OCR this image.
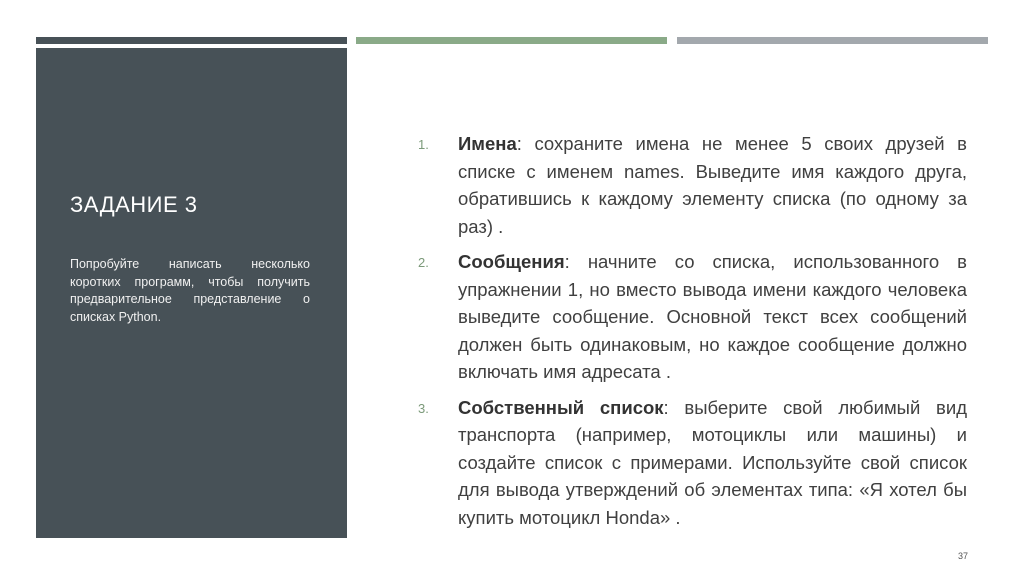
ЗАДАНИЕ 3
Попробуйте написать несколько коротких программ, чтобы получить предварительное представление о списках Python.
1. Имена: сохраните имена не менее 5 своих друзей в списке с именем names. Выведите имя каждого друга, обратившись к каждому элементу списка (по одному за раз) .
2. Сообщения: начните со списка, использованного в упражнении 1, но вместо вывода имени каждого человека выведите сообщение. Основной текст всех сообщений должен быть одинаковым, но каждое сообщение должно включать имя адресата .
3. Собственный список: выберите свой любимый вид транспорта (например, мотоциклы или машины) и создайте список с примерами. Используйте свой список для вывода утверждений об элементах типа: «Я хотел бы купить мотоцикл Honda» .
37
